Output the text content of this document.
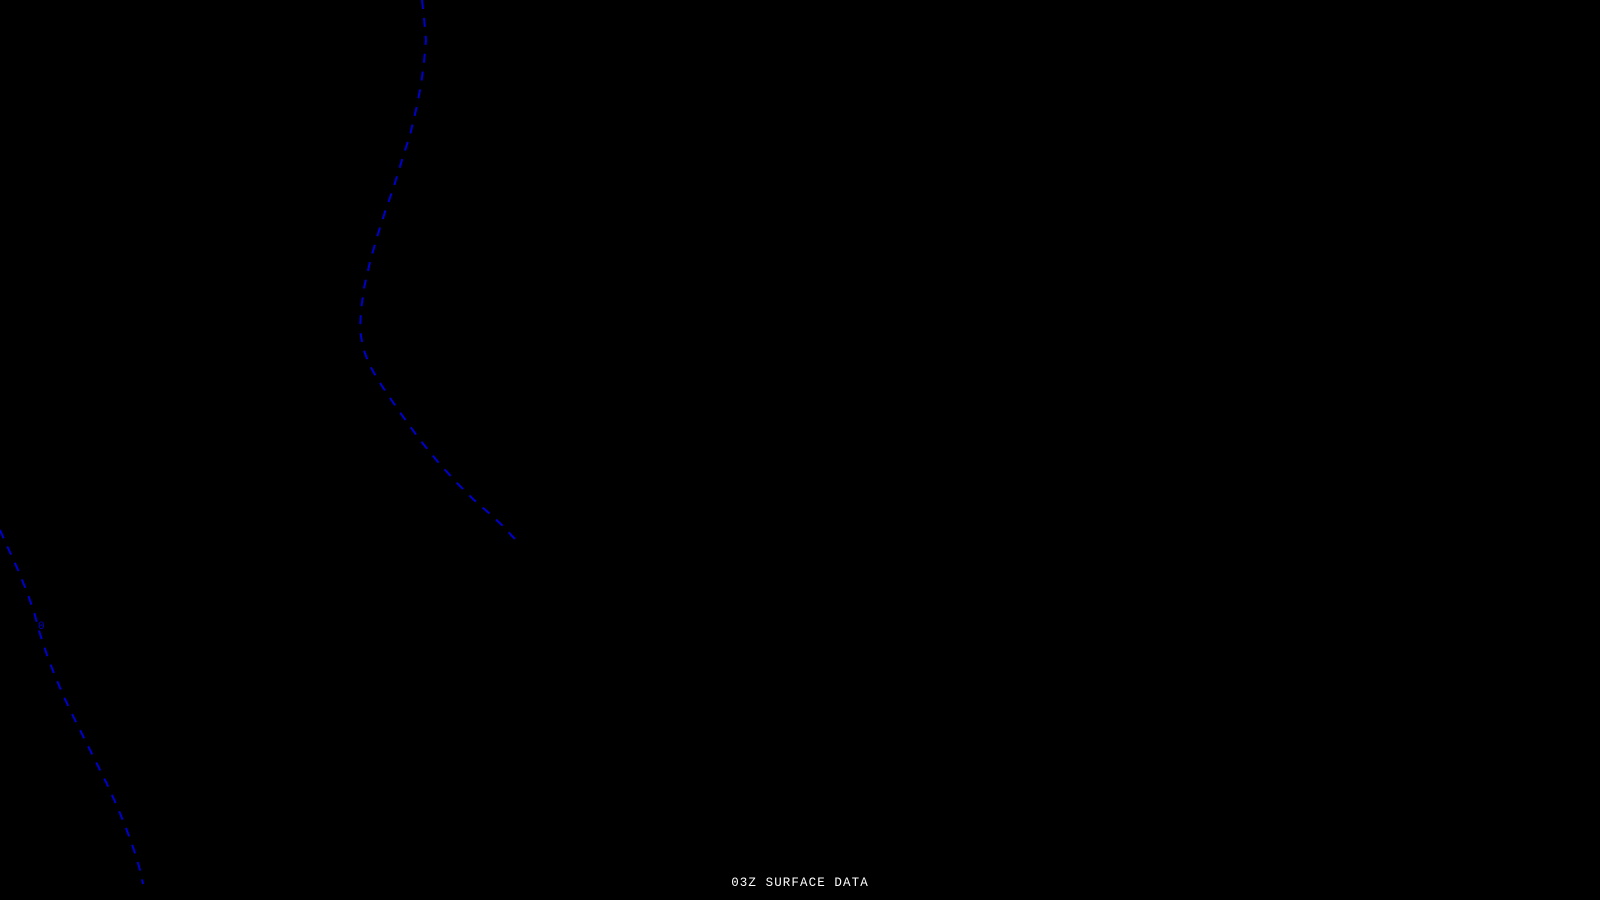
0
03Z SURFACE DATA
